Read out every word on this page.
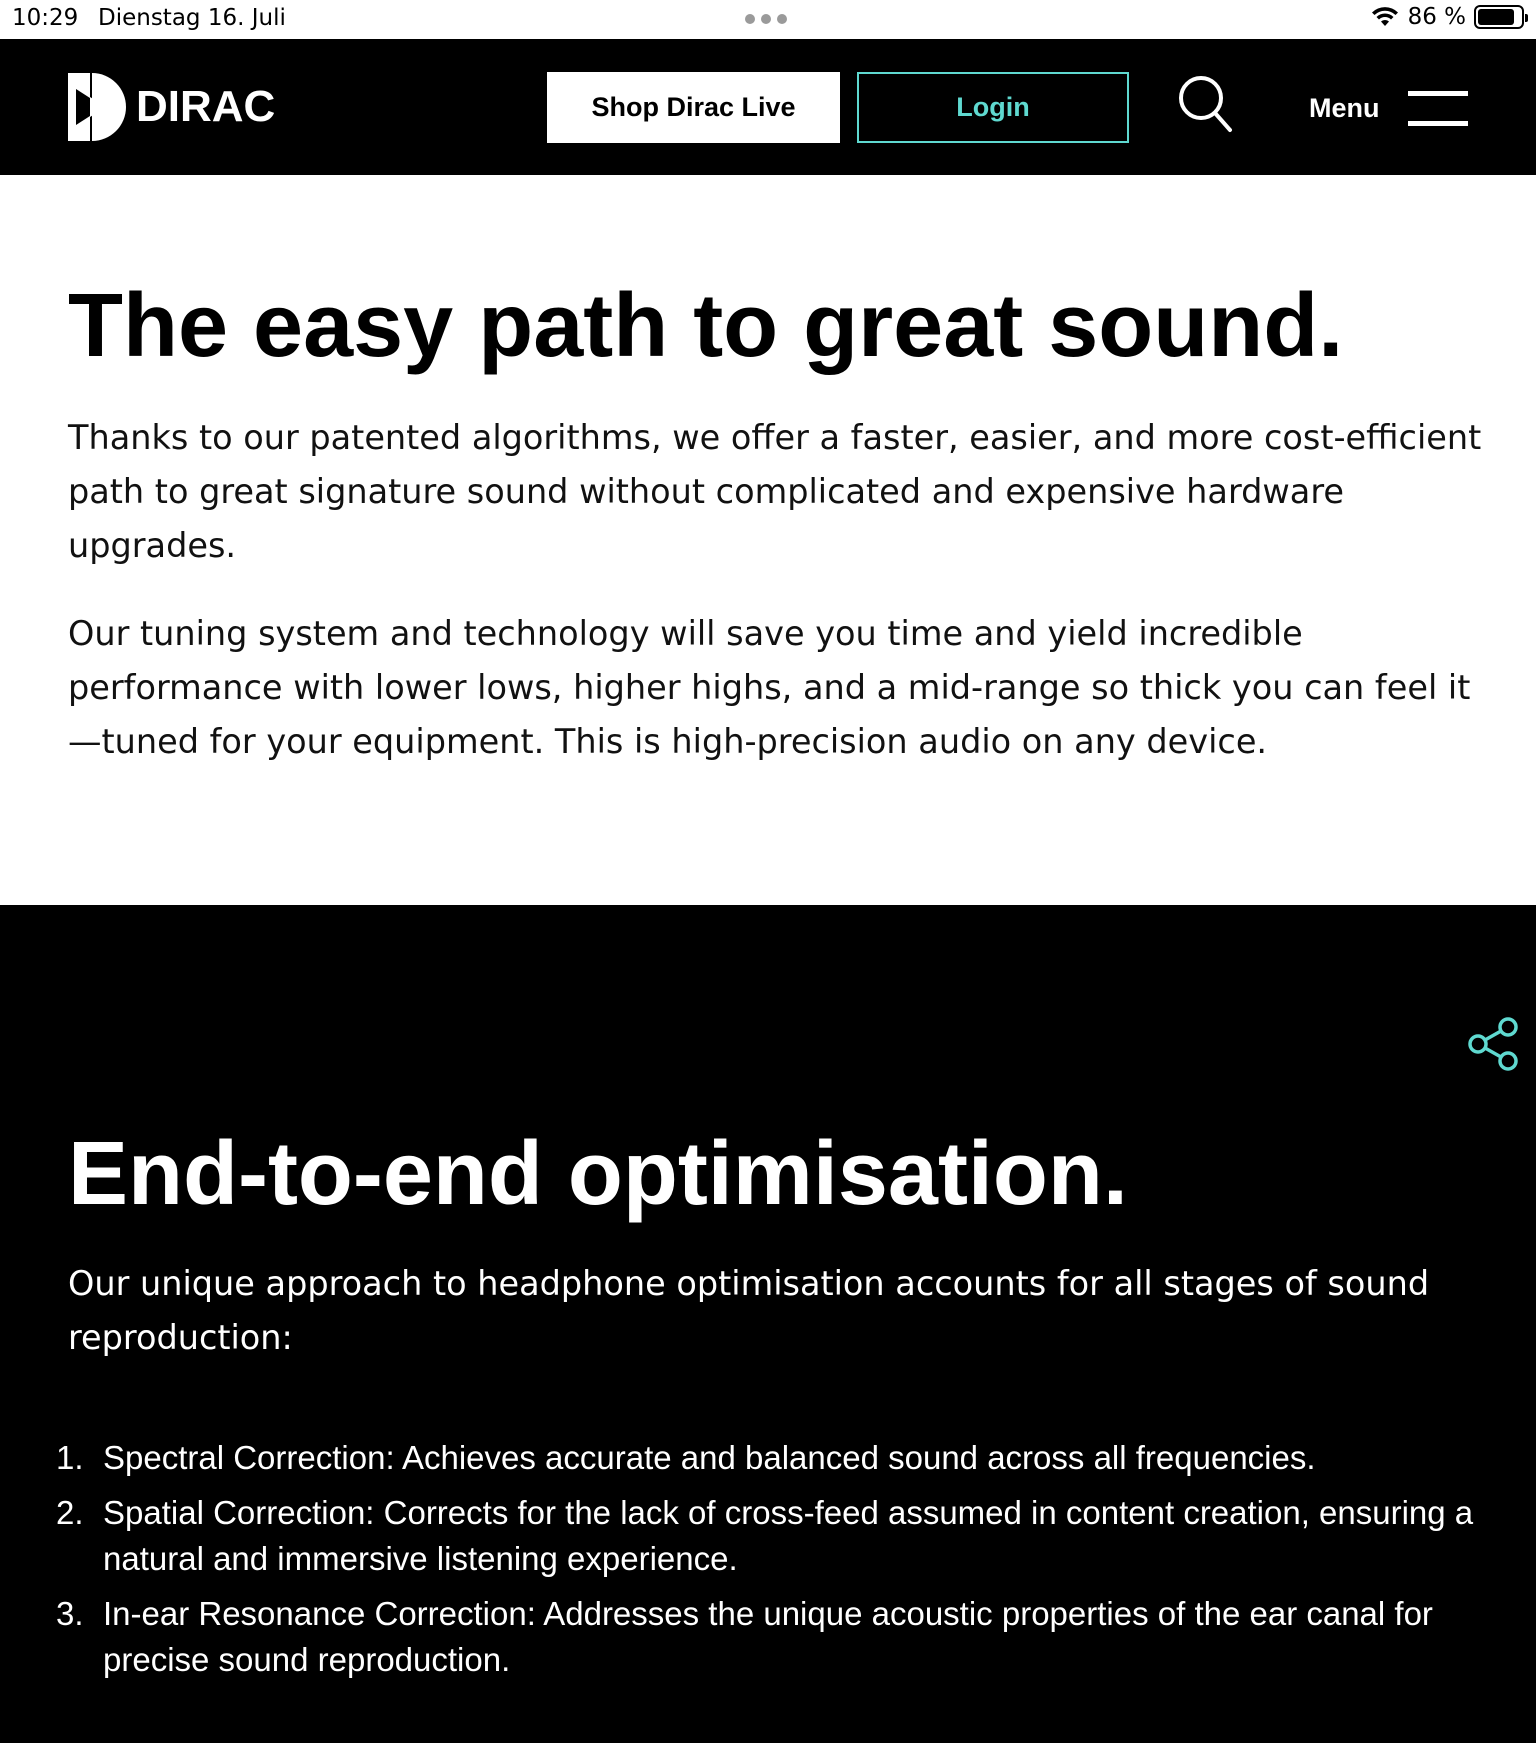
10:29 Dienstag 16. Juli	86 %
DIRAC	Shop Dirac Live	Login	Menu
The easy path to great sound.

Thanks to our patented algorithms, we offer a faster, easier, and more cost-efficient path to great signature sound without complicated and expensive hardware upgrades.

Our tuning system and technology will save you time and yield incredible performance with lower lows, higher highs, and a mid-range so thick you can feel it—tuned for your equipment. This is high-precision audio on any device.

End-to-end optimisation.

Our unique approach to headphone optimisation accounts for all stages of sound reproduction:

1. Spectral Correction: Achieves accurate and balanced sound across all frequencies.
2. Spatial Correction: Corrects for the lack of cross-feed assumed in content creation, ensuring a natural and immersive listening experience.
3. In-ear Resonance Correction: Addresses the unique acoustic properties of the ear canal for precise sound reproduction.
